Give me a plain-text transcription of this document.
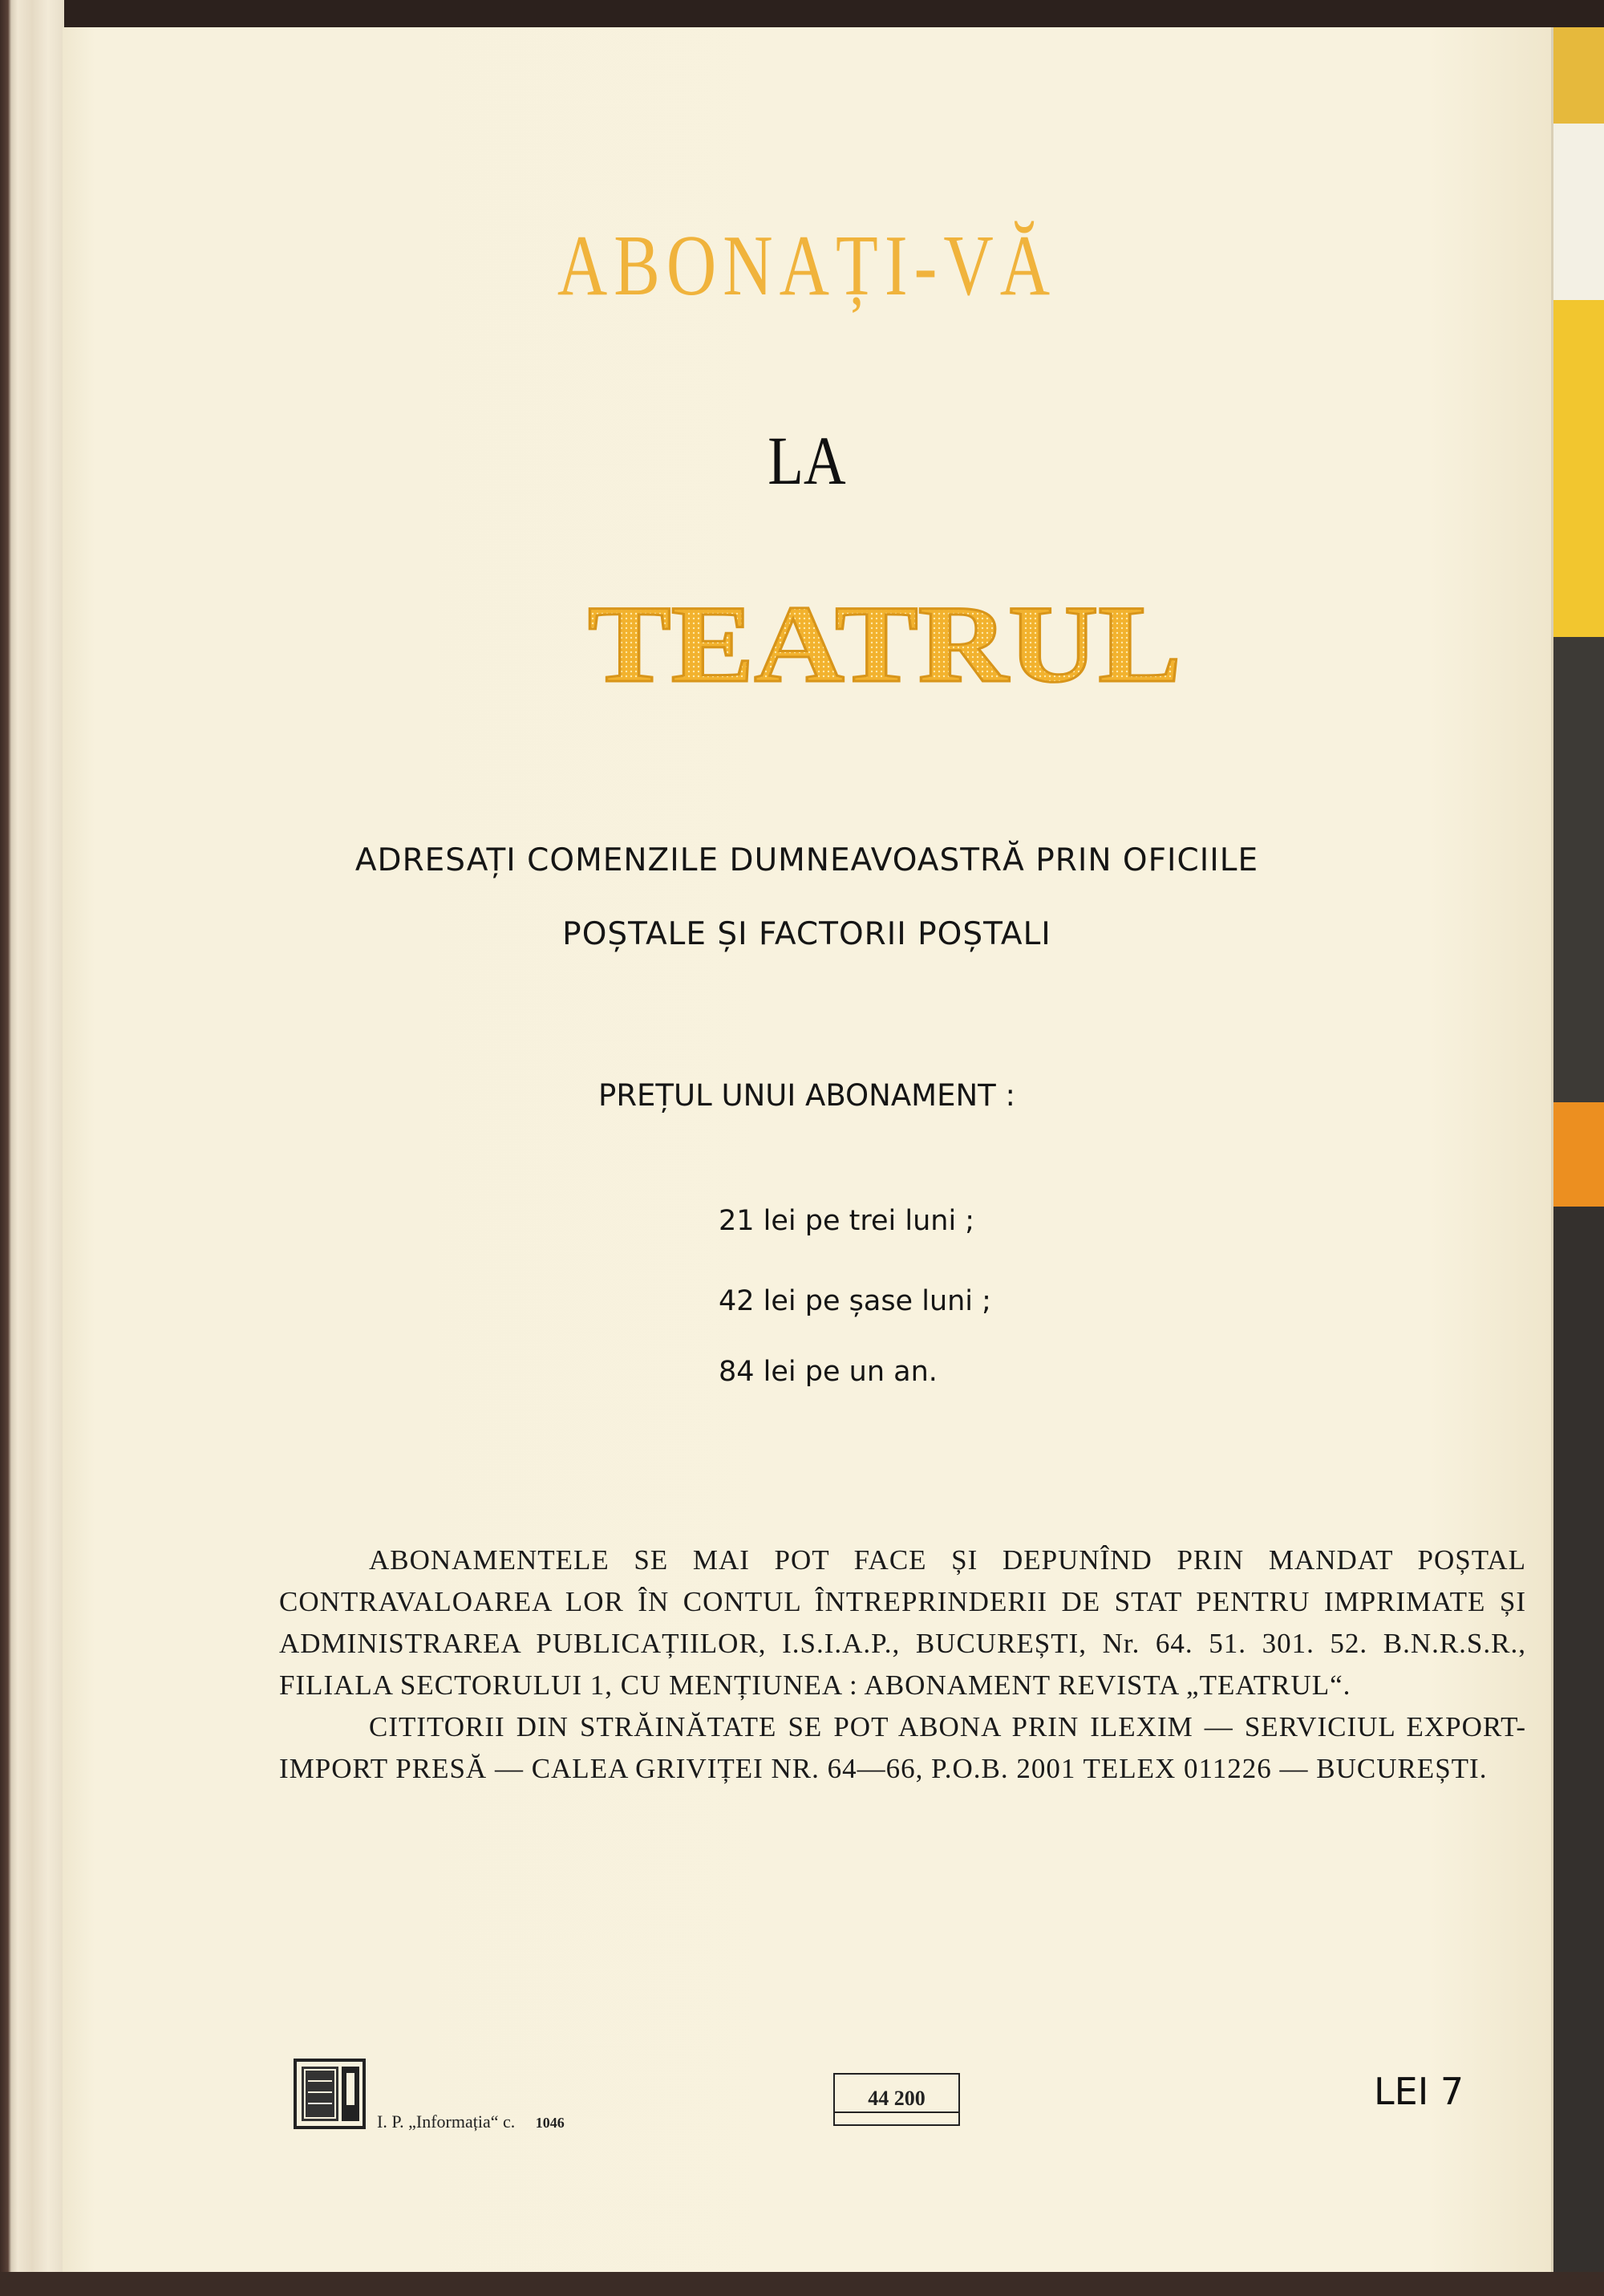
ABONAȚI-VĂ
LA
TEATRUL
ADRESAȚI COMENZILE DUMNEAVOASTRĂ PRIN OFICIILE
POȘTALE ȘI FACTORII POȘTALI
PREȚUL UNUI ABONAMENT :
21 lei pe trei luni ;
42 lei pe șase luni ;
84 lei pe un an.

ABONAMENTELE SE MAI POT FACE ȘI DEPUNÎND PRIN MANDAT POȘTAL CONTRAVALOAREA LOR ÎN CONTUL ÎNTREPRINDERII DE STAT PENTRU IMPRIMATE ȘI ADMINISTRAREA PUBLICAȚIILOR, I.S.I.A.P., BUCUREȘTI, Nr. 64. 51. 301. 52. B.N.R.S.R., FILIALA SECTORULUI 1, CU MENȚIUNEA : ABONAMENT REVISTA „TEATRUL“.

CITITORII DIN STRĂINĂTATE SE POT ABONA PRIN ILEXIM — SERVICIUL EXPORT-IMPORT PRESĂ — CALEA GRIVIȚEI NR. 64—66, P.O.B. 2001 TELEX 011226 — BUCUREȘTI.

I. P. „Informația“ c. 1046
44 200	LEI 7
